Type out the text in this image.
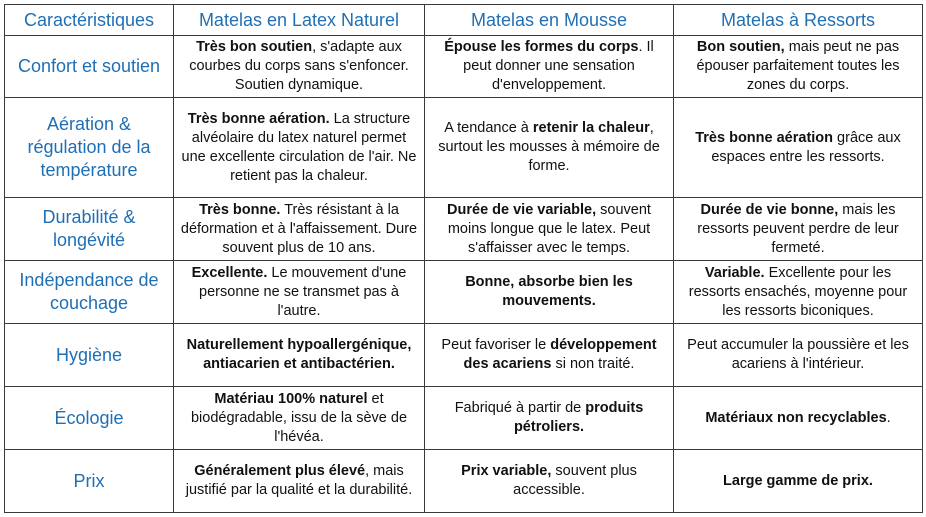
Caractéristiques	Matelas en Latex Naturel	Matelas en Mousse	Matelas à Ressorts
Confort et soutien	Très bon soutien, s'adapte aux courbes du corps sans s'enfoncer. Soutien dynamique.	Épouse les formes du corps. Il peut donner une sensation d'enveloppement.	Bon soutien, mais peut ne pas épouser parfaitement toutes les zones du corps.
Aération & régulation de la température	Très bonne aération. La structure alvéolaire du latex naturel permet une excellente circulation de l'air. Ne retient pas la chaleur.	A tendance à retenir la chaleur, surtout les mousses à mémoire de forme.	Très bonne aération grâce aux espaces entre les ressorts.
Durabilité & longévité	Très bonne. Très résistant à la déformation et à l'affaissement. Dure souvent plus de 10 ans.	Durée de vie variable, souvent moins longue que le latex. Peut s'affaisser avec le temps.	Durée de vie bonne, mais les ressorts peuvent perdre de leur fermeté.
Indépendance de couchage	Excellente. Le mouvement d'une personne ne se transmet pas à l'autre.	Bonne, absorbe bien les mouvements.	Variable. Excellente pour les ressorts ensachés, moyenne pour les ressorts biconiques.
Hygiène	Naturellement hypoallergénique, antiacarien et antibactérien.	Peut favoriser le développement des acariens si non traité.	Peut accumuler la poussière et les acariens à l'intérieur.
Écologie	Matériau 100% naturel et biodégradable, issu de la sève de l'hévéa.	Fabriqué à partir de produits pétroliers.	Matériaux non recyclables.
Prix	Généralement plus élevé, mais justifié par la qualité et la durabilité.	Prix variable, souvent plus accessible.	Large gamme de prix.
